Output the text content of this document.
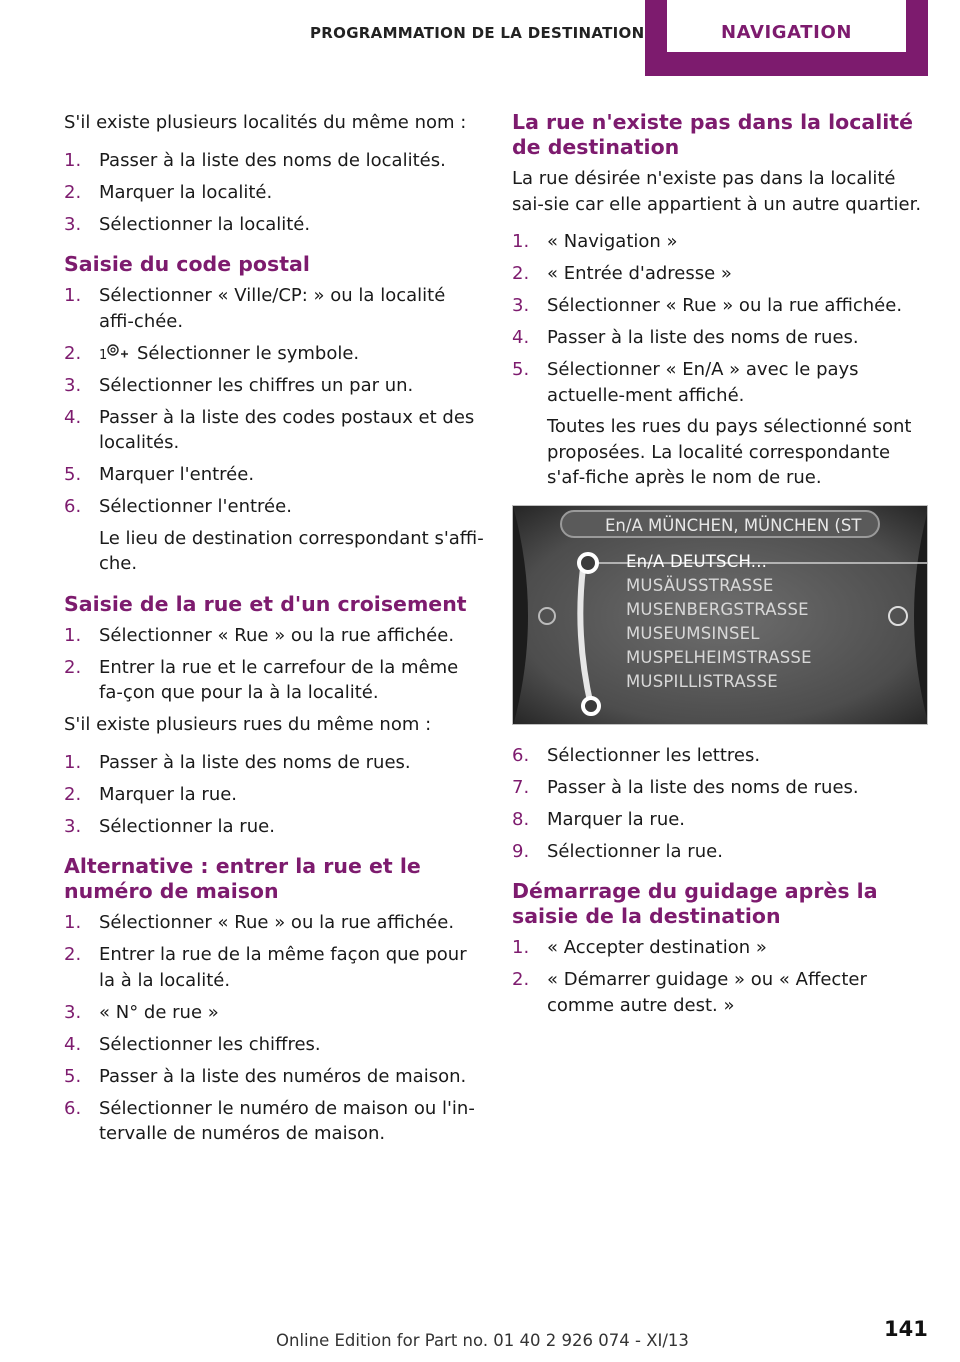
PROGRAMMATION DE LA DESTINATION	NAVIGATION

S'il existe plusieurs localités du même nom :

1. Passer à la liste des noms de localités.
2. Marquer la localité.
3. Sélectionner la localité.
Saisie du code postal
1. Sélectionner « Ville/CP: » ou la localité affi‐chée.
2. 1 Sélectionner le symbole.
3. Sélectionner les chiffres un par un.
4. Passer à la liste des codes postaux et des localités.
5. Marquer l'entrée.
6. Sélectionner l'entrée.
Le lieu de destination correspondant s'affi‐che.
Saisie de la rue et d'un croisement
1. Sélectionner « Rue » ou la rue affichée.
2. Entrer la rue et le carrefour de la même fa‐çon que pour la à la localité.

S'il existe plusieurs rues du même nom :

1. Passer à la liste des noms de rues.
2. Marquer la rue.
3. Sélectionner la rue.
Alternative : entrer la rue et le numéro de maison
1. Sélectionner « Rue » ou la rue affichée.
2. Entrer la rue de la même façon que pour la à la localité.
3. « N° de rue »
4. Sélectionner les chiffres.
5. Passer à la liste des numéros de maison.
6. Sélectionner le numéro de maison ou l'in‐tervalle de numéros de maison.
La rue n'existe pas dans la localité de destination

La rue désirée n'existe pas dans la localité sai‐sie car elle appartient à un autre quartier.

1. « Navigation »
2. « Entrée d'adresse »
3. Sélectionner « Rue » ou la rue affichée.
4. Passer à la liste des noms de rues.
5. Sélectionner « En/A » avec le pays actuelle‐ment affiché.
Toutes les rues du pays sélectionné sont proposées. La localité correspondante s'af‐fiche après le nom de rue.
En/A MÜNCHEN, MÜNCHEN (ST
En/A DEUTSCH...
MUSÄUSSTRASSE
MUSENBERGSTRASSE
MUSEUMSINSEL
MUSPELHEIMSTRASSE
MUSPILLISTRASSE
6. Sélectionner les lettres.
7. Passer à la liste des noms de rues.
8. Marquer la rue.
9. Sélectionner la rue.
Démarrage du guidage après la saisie de la destination
1. « Accepter destination »
2. « Démarrer guidage » ou « Affecter comme autre dest. »
141
Online Edition for Part no. 01 40 2 926 074 - XI/13
